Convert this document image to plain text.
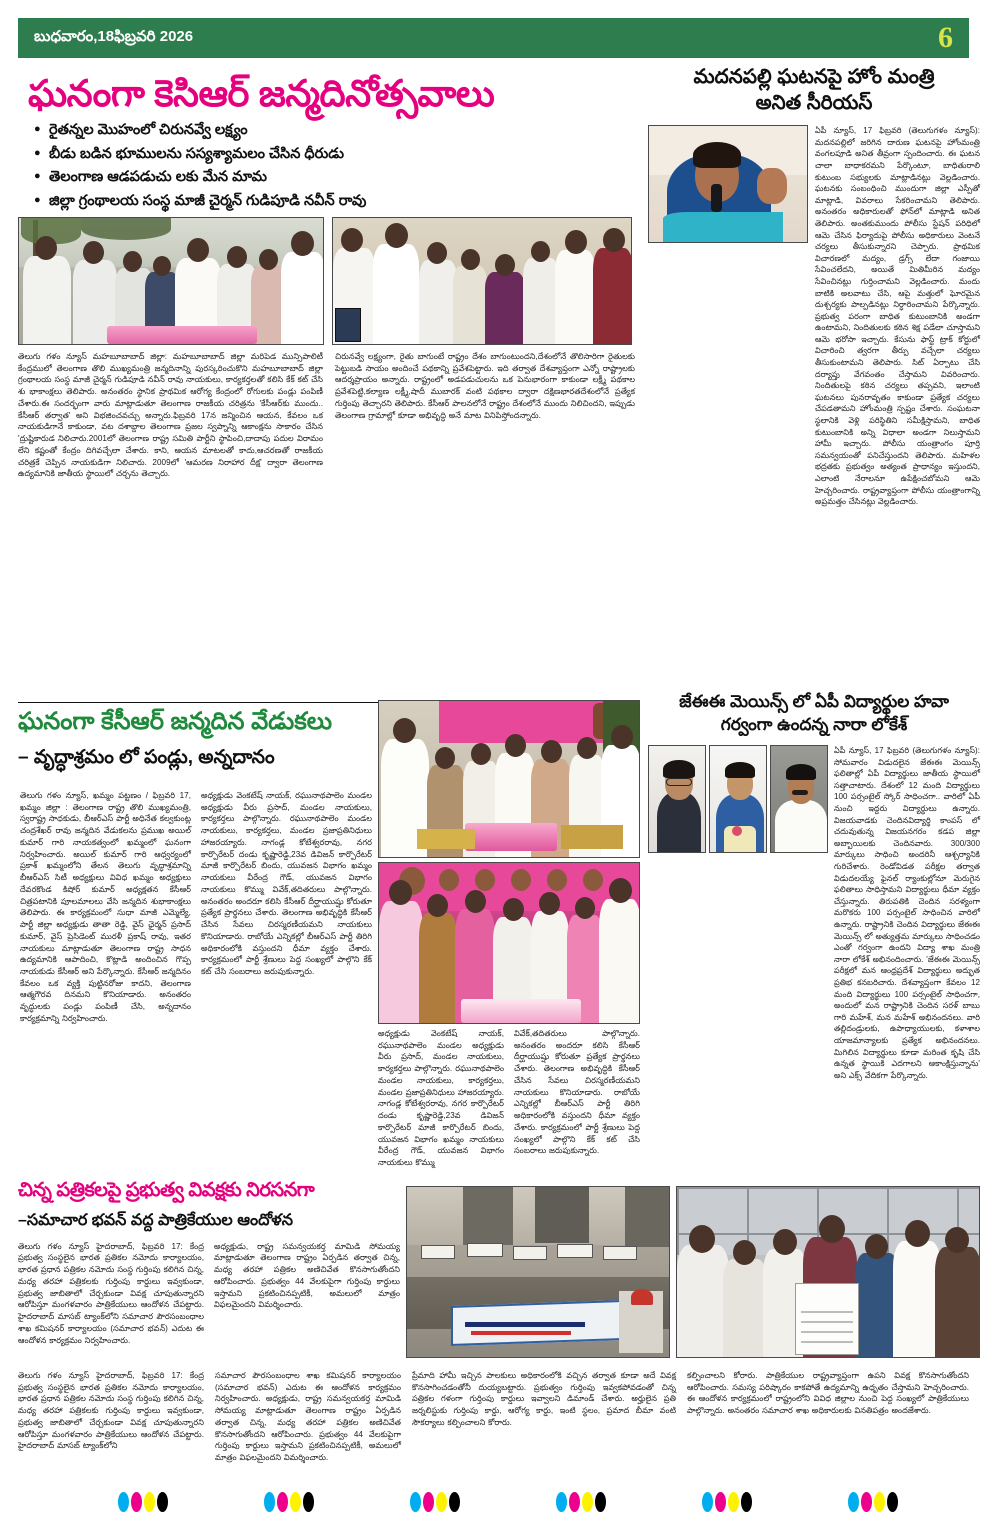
బుధవారం,18ఫిబ్రవరి 2026	6
ఘనంగా కెసిఆర్ జన్మదినోత్సవాలు
● రైతన్నల మొహంలో చిరునవ్వే లక్ష్యం
● బీడు బడిన భూములను సస్యశ్యామలం చేసిన ధీరుడు
● తెలంగాణ ఆడపడుచు లకు మేన మామ
● జిల్లా గ్రంథాలయ సంస్థ మాజీ చైర్మన్ గుడిపూడి నవీన్ రావు
తెలుగు గళం న్యూస్ మహబూబాబాద్ జిల్లా: మహబూబాబాద్ జిల్లా మరిపెడ మున్సిపాలిటీ కేంద్రములో తెలంగాణ తొలి ముఖ్యమంత్రి జన్మదినాన్ని పురస్కరించుకొని మహబూబాబాద్ జిల్లా గ్రంథాలయ సంస్థ మాజీ చైర్మన్ గుడిపూడి నవీన్ రావు నాయకులు, కార్యకర్తలతో కలిసి కేక్ కట్ చేసి శు భాకాంక్షలు తెలిపారు. అనంతరం స్థానిక ప్రాథమిక ఆరోగ్య కేంద్రంలో రోగులకు పండ్లు పంపిణీ చేశారు.ఈ సందర్భంగా వారు మాట్లాడుతూ తెలంగాణ రాజకీయ చరిత్రను 'కేసీఆర్‌కు ముందు.. కేసీఆర్ తర్వాత' అని విభజించవచ్చు అన్నారు.ఫిబ్రవరి 17న జన్మించిన ఆయన, కేవలం ఒక నాయకుడిగానే కాకుండా, వట దశాబ్దాల తెలంగాణ ప్రజల స్వప్నాన్ని ఆకాంక్షను సాకారం చేసిన 'ద్రుష్టికారుడ నిలిచారు.2001లో తెలంగాణ రాష్ట్ర సమితి పార్టీని స్థాపించి,దాదాపు పదుల విరామం లేని కష్టంతో కేంద్రం దిగివచ్చేలా చేశారు. కాని, ఆయన మాటలతో కాదు,ఆచరణతో రాజకీయ చరిత్రకే చెప్పిన నాయకుడిగా నిలిచారు. 2009లో 'ఆమరణ నిరాహార దీక్ష' ద్వారా తెలంగాణ ఉద్యమానికి జాతీయ స్థాయిలో చర్చను తెచ్చారు.
చిరునవ్వే లక్ష్యంగా, రైతు బాగుంటే రాష్ట్రం దేశం బాగుంటుందని,దేశంలోనే తొలిసారిగా రైతులకు పెట్టుబడి సాయం అందించే పథకాన్ని ప్రవేశపెట్టారు. ఇది తర్వాత దేశవ్యాప్తంగా ఎన్నో రాష్ట్రాలకు ఆదర్శప్రాయం అన్నారు. రాష్ట్రంలో అడపడుచులను ఒక పెనుభారంగా కాకుండా లక్ష్మీ పథకాల ప్రవేశపెట్టి,కల్యాణ లక్ష్మీ,షాదీ ముబారక్ వంటి పథకాల ద్వారా దక్షిణభారతదేశంలోనే ప్రత్యేక గుర్తింపు తెచ్చారని తెలిపారు. కేసీఆర్ పాలనలోనే రాష్ట్రం దేశంలోనే ముందు నిలిచిందని, ఇప్పుడు తెలంగాణ గ్రామాల్లో కూడా అభివృద్ధి అనే మాట వినిపిస్తోందన్నారు.
మదనపల్లి ఘటనపై హోం మంత్రి
అనిత సీరియస్
ఏపీ న్యూస్, 17 ఫిబ్రవరి (తెలుగుగళం న్యూస్): మదనపల్లిలో జరిగిన దారుణ ఘటనపై హోంమంత్రి వంగలపూడి అనిత తీవ్రంగా స్పందించారు. ఈ ఘటన చాలా బాధాకరమని పేర్కొంటూ, బాధితురాలి కుటుంబ సభ్యులకు మాట్లాడినట్లు వెల్లడించారు. ఘటనకు సంబంధించి ముందుగా జిల్లా ఎస్పీతో మాట్లాడి, వివరాలు సేకరించామని తెలిపారు. అనంతరం అధికారులతో ఫోన్‌లో మాట్లాడి అనిత తెలిపారు. అంతకుముందు పోలీసు స్టేషన్ పరిధిలో ఆమె చేసిన ఫిర్యాదుపై పోలీసు అధికారులు వెంటనే చర్యలు తీసుకున్నారని చెప్పారు. ప్రాథమిక విచారణలో మద్యం, డ్రగ్స్ లేదా గంజాయి సేవించలేదని, అయితే మితిమీరిన మద్యం సేవించినట్లు గుర్తించామని వెల్లడించారు. మందు బాటికి అలవాటు చేసి, ఆపై మత్తులో ఘోరమైన దుశ్చర్యకు పాల్పడినట్లు నిర్ధారించామని పేర్కొన్నారు. ప్రభుత్వ పరంగా బాధిత కుటుంబానికి అండగా ఉంటామని, నిందితులకు కఠిన శిక్ష పడేలా చూస్తామని ఆమె భరోసా ఇచ్చారు. కేసును ఫాస్ట్ ట్రాక్ కోర్టులో విచారించి త్వరగా తీర్పు వచ్చేలా చర్యలు తీసుకుంటామని తెలిపారు. సిట్ ఏర్పాటు చేసి దర్యాప్తు వేగవంతం చేస్తామని వివరించారు. నిందితులపై కఠిన చర్యలు తప్పవని, ఇలాంటి ఘటనలు పునరావృతం కాకుండా ప్రత్యేక చర్యలు చేపడతామని హోంమంత్రి స్పష్టం చేశారు. సంఘటనా స్థలానికి వెళ్లి పరిస్థితిని సమీక్షిస్తామని, బాధిత కుటుంబానికి అన్ని విధాలా అండగా నిలుస్తామని హామీ ఇచ్చారు. పోలీసు యంత్రాంగం పూర్తి సమన్వయంతో పనిచేస్తుందని తెలిపారు. మహిళల భద్రతకు ప్రభుత్వం అత్యంత ప్రాధాన్యం ఇస్తుందని, ఎలాంటి నేరాలనూ ఉపేక్షించబోమని ఆమె హెచ్చరించారు. రాష్ట్రవ్యాప్తంగా పోలీసు యంత్రాంగాన్ని అప్రమత్తం చేసినట్లు వెల్లడించారు.
ఘనంగా కేసీఆర్ జన్మదిన వేడుకలు
– వృద్ధాశ్రమం లో పండ్లు, అన్నదానం
తెలుగు గళం న్యూస్, ఖమ్మం పట్టణం / ఫిబ్రవరి 17, ఖమ్మం జిల్లా : తెలంగాణ రాష్ట్ర తొలి ముఖ్యమంత్రి, స్వరాష్ట్ర సాధకుడు, బీఆర్ఎస్ పార్టీ అధినేత కల్వకుంట్ల చంద్రశేఖర్ రావు జన్మదిన వేడుకలను ప్రముఖ అయిల్ కుమార్ గారి నాయకత్వంలో ఖమ్మంలో ఘనంగా నిర్వహించారు. అయిల్ కుమార్ గారి ఆధ్వర్యంలో ప్రకాశ్ ఖమ్మంలోని తేలన తెలుగు వృద్ధాశ్రమాన్ని బీఆర్ఎస్ సిటీ అధ్యక్షులు వివిధ ఖమ్మం అధ్యక్షులు దేవరకొండ కిషోర్ కుమార్ అధ్యక్షతన కేసీఆర్ చిత్రపటానికి పూలమాలలు వేసి జన్మదిన శుభాకాంక్షలు తెలిపారు. ఈ కార్యక్రమంలో సుధా మాజీ ఎమ్మెల్యే, పార్టీ జిల్లా అధ్యక్షుడు తాతా రెడ్డి, వైస్ ఛైర్మన్ ప్రసాద్ కుమార్, వైస్ ప్రెసిడెంట్ మురళీ ప్రకాష్ రావు, ఇతర నాయకులు మాట్లాడుతూ తెలంగాణ రాష్ట్ర సాధన ఉద్యమానికి ఆపాదించి, కొట్లాడి అందించిన గొప్ప నాయకుడు కేసీఆర్ అని పేర్కొన్నారు. కేసీఆర్ జన్మదినం కేవలం ఒక వ్యక్తి పుట్టినరోజు కాదని, తెలంగాణ ఆత్మగౌరవ దినమని కొనియాడారు. అనంతరం వృద్ధులకు పండ్లు పంపిణీ చేసి, అన్నదానం కార్యక్రమాన్ని నిర్వహించారు.
అధ్యక్షుడు వెంకటేష్ నాయక్, రఘునాథపాలెం మండల అధ్యక్షుడు వీరు ప్రసాద్, మండల నాయకులు, కార్యకర్తలు పాల్గొన్నారు. రఘునాథపాలెం మండల నాయకులు, కార్యకర్తలు, మండల ప్రజాప్రతినిధులు హాజరయ్యారు. నాగండ్ల కోటేశ్వరరావు, నగర కార్పొరేటర్ దండు కృష్ణారెడ్డి,23వ డివిజన్ కార్పొరేటర్ మాజీ కార్పొరేటర్ బిందు, యువజన విభాగం ఖమ్మం నాయకులు వీరేంద్ర గౌడ్, యువజన విభాగం నాయకులు కొమ్ము వివేక్,తదితరులు పాల్గొన్నారు. అనంతరం అందరూ కలిసి కేసీఆర్ దీర్ఘాయుష్షు కోరుతూ ప్రత్యేక ప్రార్థనలు చేశారు. తెలంగాణ అభివృద్ధికి కేసీఆర్ చేసిన సేవలు చిరస్మరణీయమని నాయకులు కొనియాడారు. రాబోయే ఎన్నికల్లో బీఆర్ఎస్ పార్టీ తిరిగి అధికారంలోకి వస్తుందని ధీమా వ్యక్తం చేశారు. కార్యక్రమంలో పార్టీ శ్రేణులు పెద్ద సంఖ్యలో పాల్గొని కేక్ కట్ చేసి సంబరాలు జరుపుకున్నారు.
అధ్యక్షుడు వెంకటేష్ నాయక్, రఘునాథపాలెం మండల అధ్యక్షుడు వీరు ప్రసాద్, మండల నాయకులు, కార్యకర్తలు పాల్గొన్నారు. రఘునాథపాలెం మండల నాయకులు, కార్యకర్తలు, మండల ప్రజాప్రతినిధులు హాజరయ్యారు. నాగండ్ల కోటేశ్వరరావు, నగర కార్పొరేటర్ దండు కృష్ణారెడ్డి,23వ డివిజన్ కార్పొరేటర్ మాజీ కార్పొరేటర్ బిందు, యువజన విభాగం ఖమ్మం నాయకులు వీరేంద్ర గౌడ్, యువజన విభాగం నాయకులు కొమ్ము
వివేక్,తదితరులు పాల్గొన్నారు. అనంతరం అందరూ కలిసి కేసీఆర్ దీర్ఘాయుష్షు కోరుతూ ప్రత్యేక ప్రార్థనలు చేశారు. తెలంగాణ అభివృద్ధికి కేసీఆర్ చేసిన సేవలు చిరస్మరణీయమని నాయకులు కొనియాడారు. రాబోయే ఎన్నికల్లో బీఆర్ఎస్ పార్టీ తిరిగి అధికారంలోకి వస్తుందని ధీమా వ్యక్తం చేశారు. కార్యక్రమంలో పార్టీ శ్రేణులు పెద్ద సంఖ్యలో పాల్గొని కేక్ కట్ చేసి సంబరాలు జరుపుకున్నారు.
జేఈఈ మెయిన్స్ లో ఏపీ విద్యార్థుల హవా
గర్వంగా ఉందన్న నారా లోకేశ్
ఏపీ న్యూస్, 17 ఫిబ్రవరి (తెలుగుగళం న్యూస్): సోమవారం విడుదలైన జేఈఈ మెయిన్స్ ఫలితాల్లో ఏపీ విద్యార్థులు జాతీయ స్థాయిలో సత్తాచాటారు. దేశంలో 12 మంది విద్యార్థులు 100 పర్సంటైల్ స్కోర్ సాధించగా.. వారిలో ఏపీ నుంచి ఇద్దరు విద్యార్థులు ఉన్నారు. విజయవాడకు చెందినవిద్యార్థి కాంపస్ లో చదువుతున్న విజయనగరం కడప జిల్లా అబ్బాయిలకు చెందినవారు. 300/300 మార్కులు సాధించి అందరినీ ఆశ్చర్యానికి గురిచేశారు. రెండోవిడత పరీక్షల తర్వాత విడుదలయ్యే ఫైనల్ ర్యాంకుల్లోనూ మెరుగైన ఫలితాలు సాధిస్తామని విద్యార్థులు ధీమా వ్యక్తం చేస్తున్నారు. తిరుపతికి చెందిన సరళ్యంగా మరొకరు 100 పర్సంటైల్ సాధించిన వారిలో ఉన్నారు. రాష్ట్రానికి చెందిన విద్యార్థులు జేఈఈ మెయిన్స్ లో అత్యుత్తమ మార్కులు సాధించడం ఎంతో గర్వంగా ఉందని విద్యా శాఖ మంత్రి నారా లోకేశ్ అభినందించారు. 'జేఈఈ మెయిన్స్ పరీక్షలో మన ఆంధ్రప్రదేశ్ విద్యార్థులు అద్భుత ప్రతిభ కనబరిచారు. దేశవ్యాప్తంగా కేవలం 12 మంది విద్యార్థులు 100 పర్సంటైల్ సాధించగా, అందులో మన రాష్ట్రానికి చెందిన సరళ్ బాబు గారి మహేశ్, మన మహేశ్ అభినందనలు. వారి తల్లిదండ్రులకు, ఉపాధ్యాయులకు, కళాశాల యాజమాన్యాలకు ప్రత్యేక అభినందనలు. మిగిలిన విద్యార్థులు కూడా మరింత కృషి చేసి ఉన్నత స్థాయికి ఎదగాలని ఆకాంక్షిస్తున్నాను' అని ఎక్స్ వేదికగా పేర్కొన్నారు.
చిన్న పత్రికలపై ప్రభుత్వ వివక్షకు నిరసనగా
–సమాచార భవన్ వద్ద పాత్రికేయుల ఆందోళన
తెలుగు గళం న్యూస్ హైదరాబాద్, ఫిబ్రవరి 17: కేంద్ర ప్రభుత్వ సంస్థలైన భారత ప్రతికల నమోదు కార్యాలయం, భారత ప్రధాన పత్రికల నమోదు సంస్థ గుర్తింపు కలిగిన చిన్న, మధ్య తరహా పత్రికలకు గుర్తింపు కార్డులు ఇవ్వకుండా, ప్రభుత్వ జాబితాలో చేర్చకుండా వివక్ష చూపుతున్నారని ఆరోపిస్తూ మంగళవారం పాత్రికేయులు ఆందోళన చేపట్టారు. హైదరాబాద్ మాసబ్ ట్యాంక్‌లోని సమాచార పౌరసంబంధాల శాఖ కమిషనర్ కార్యాలయం (సమాచార భవన్) ఎదుట ఈ ఆందోళన కార్యక్రమం నిర్వహించారు.
అధ్యక్షుడు, రాష్ట్ర సమన్వయకర్త మామిడి సోమయ్య మాట్లాడుతూ తెలంగాణ రాష్ట్రం ఏర్పడిన తర్వాత చిన్న, మధ్య తరహా పత్రికల అణిచివేత కొనసాగుతోందని ఆరోపించారు. ప్రభుత్వం 44 వేలకుపైగా గుర్తింపు కార్డులు ఇస్తామని ప్రకటించినప్పటికీ, అమలులో మాత్రం విఫలమైందని విమర్శించారు.
తెలుగు గళం న్యూస్ హైదరాబాద్, ఫిబ్రవరి 17: కేంద్ర ప్రభుత్వ సంస్థలైన భారత ప్రతికల నమోదు కార్యాలయం, భారత ప్రధాన పత్రికల నమోదు సంస్థ గుర్తింపు కలిగిన చిన్న, మధ్య తరహా పత్రికలకు గుర్తింపు కార్డులు ఇవ్వకుండా, ప్రభుత్వ జాబితాలో చేర్చకుండా వివక్ష చూపుతున్నారని ఆరోపిస్తూ మంగళవారం పాత్రికేయులు ఆందోళన చేపట్టారు. హైదరాబాద్ మాసబ్ ట్యాంక్‌లోని
సమాచార పౌరసంబంధాల శాఖ కమిషనర్ కార్యాలయం (సమాచార భవన్) ఎదుట ఈ ఆందోళన కార్యక్రమం నిర్వహించారు. అధ్యక్షుడు, రాష్ట్ర సమన్వయకర్త మామిడి సోమయ్య మాట్లాడుతూ తెలంగాణ రాష్ట్రం ఏర్పడిన తర్వాత చిన్న, మధ్య తరహా పత్రికల అణిచివేత కొనసాగుతోందని ఆరోపించారు. ప్రభుత్వం 44 వేలకుపైగా గుర్తింపు కార్డులు ఇస్తామని ప్రకటించినప్పటికీ, అమలులో మాత్రం విఫలమైందని విమర్శించారు.
ప్రేమాది హామీ ఇచ్చిన పాలకులు అధికారంలోకి వచ్చిన తర్వాత కూడా అదే వివక్ష కొనసాగించడంతోనీ దుయ్యబట్టారు. ప్రభుత్వం గుర్తింపు ఇవ్వకపోవడంతో చిన్న పత్రికల గళంగా గుర్తింపు కార్డులు ఇవ్వాలని డిమాండ్ చేశారు. అర్హులైన ప్రతి జర్నలిస్టుకు గుర్తింపు కార్డు, ఆరోగ్య కార్డు, ఇంటి స్థలం, ప్రమాద బీమా వంటి సౌకర్యాలు కల్పించాలని కోరారు.
కల్పించాలని కోరారు. పాత్రికేయుల రాష్ట్రవ్యాప్తంగా ఉపని వివక్ష కొనసాగుతోందని ఆరోపించారు. సమస్య పరిష్కారం కాకపోతే ఉద్యమాన్ని ఉధృతం చేస్తామని హెచ్చరించారు. ఈ ఆందోళన కార్యక్రమంలో రాష్ట్రంలోని వివిధ జిల్లాల నుంచి పెద్ద సంఖ్యలో పాత్రికేయులు పాల్గొన్నారు. అనంతరం సమాచార శాఖ అధికారులకు వినతిపత్రం అందజేశారు.
